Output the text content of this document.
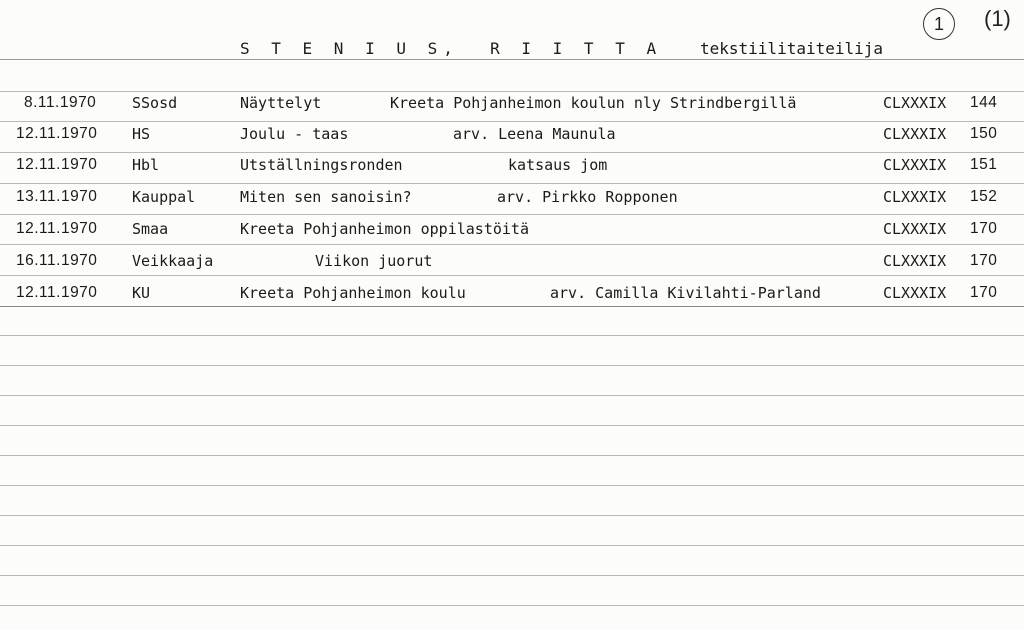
S T E N I U S,  R I I T T A tekstiilitaiteilija
1	(1)
8.11.1970 SSosd	Näyttelyt	Kreeta Pohjanheimon koulun nly Strindbergillä	CLXXXIX 144
12.11.1970 HS	Joulu - taas	arv. Leena Maunula	CLXXXIX 150
12.11.1970 Hbl	Utställningsronden	katsaus jom	CLXXXIX 151
13.11.1970 Kauppal	Miten sen sanoisin?	arv. Pirkko Ropponen	CLXXXIX 152
12.11.1970 Smaa	Kreeta Pohjanheimon oppilastöitä	CLXXXIX 170
16.11.1970 Veikkaaja	Viikon juorut	CLXXXIX 170
12.11.1970 KU	Kreeta Pohjanheimon koulu	arv. Camilla Kivilahti-Parland	CLXXXIX 170
